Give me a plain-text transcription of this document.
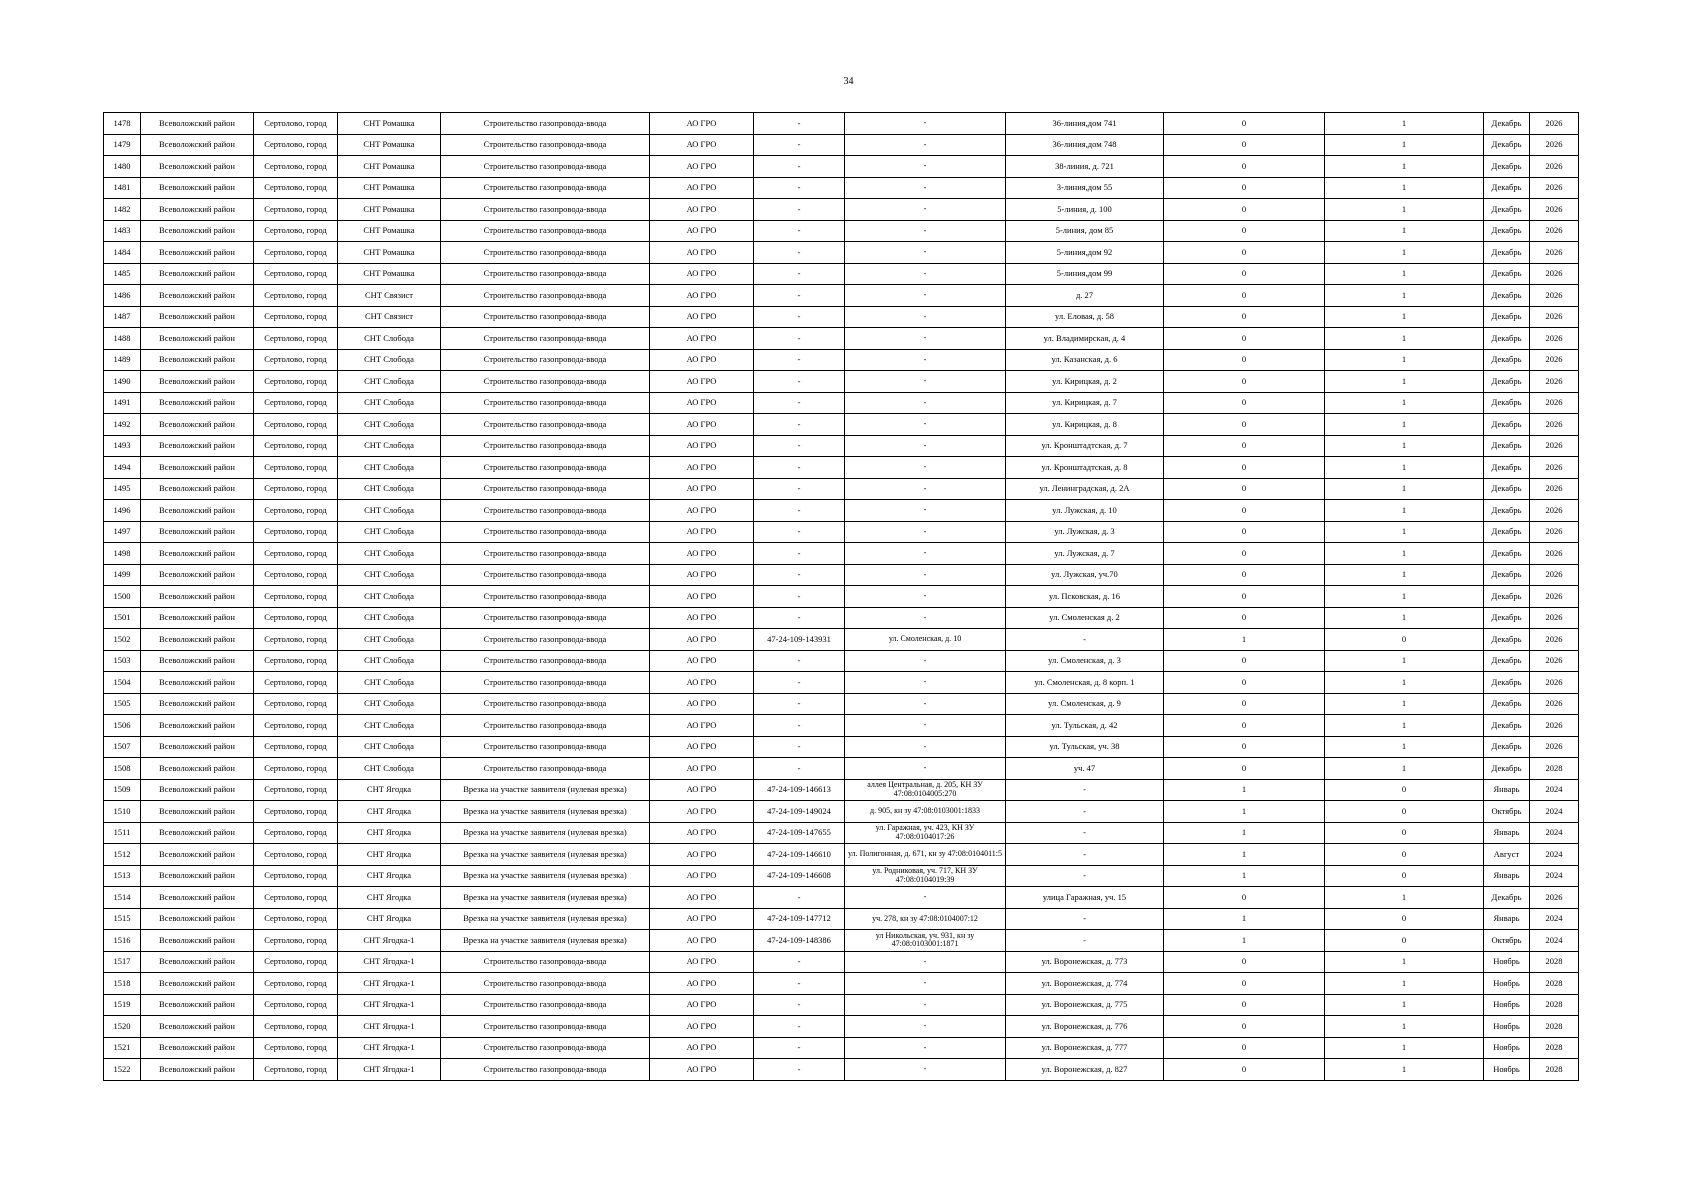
34
1478	Всеволожский район	Сертолово, город	СНТ Ромашка	Строительство газопровода-ввода	АО ГРО	-	-	36-линия,дом 741	0	1	Декабрь	2026
1479	Всеволожский район	Сертолово, город	СНТ Ромашка	Строительство газопровода-ввода	АО ГРО	-	-	36-линия,дом 748	0	1	Декабрь	2026
1480	Всеволожский район	Сертолово, город	СНТ Ромашка	Строительство газопровода-ввода	АО ГРО	-	-	38-линия, д. 721	0	1	Декабрь	2026
1481	Всеволожский район	Сертолово, город	СНТ Ромашка	Строительство газопровода-ввода	АО ГРО	-	-	3-линия,дом 55	0	1	Декабрь	2026
1482	Всеволожский район	Сертолово, город	СНТ Ромашка	Строительство газопровода-ввода	АО ГРО	-	-	5-линия, д. 100	0	1	Декабрь	2026
1483	Всеволожский район	Сертолово, город	СНТ Ромашка	Строительство газопровода-ввода	АО ГРО	-	-	5-линия, дом 85	0	1	Декабрь	2026
1484	Всеволожский район	Сертолово, город	СНТ Ромашка	Строительство газопровода-ввода	АО ГРО	-	-	5-линия,дом 92	0	1	Декабрь	2026
1485	Всеволожский район	Сертолово, город	СНТ Ромашка	Строительство газопровода-ввода	АО ГРО	-	-	5-линия,дом 99	0	1	Декабрь	2026
1486	Всеволожский район	Сертолово, город	СНТ Связист	Строительство газопровода-ввода	АО ГРО	-	-	д. 27	0	1	Декабрь	2026
1487	Всеволожский район	Сертолово, город	СНТ Связист	Строительство газопровода-ввода	АО ГРО	-	-	ул. Еловая, д. 58	0	1	Декабрь	2026
1488	Всеволожский район	Сертолово, город	СНТ Слобода	Строительство газопровода-ввода	АО ГРО	-	-	ул. Владимирская, д. 4	0	1	Декабрь	2026
1489	Всеволожский район	Сертолово, город	СНТ Слобода	Строительство газопровода-ввода	АО ГРО	-	-	ул. Казанская, д. 6	0	1	Декабрь	2026
1490	Всеволожский район	Сертолово, город	СНТ Слобода	Строительство газопровода-ввода	АО ГРО	-	-	ул. Кирицкая, д. 2	0	1	Декабрь	2026
1491	Всеволожский район	Сертолово, город	СНТ Слобода	Строительство газопровода-ввода	АО ГРО	-	-	ул. Кирицкая, д. 7	0	1	Декабрь	2026
1492	Всеволожский район	Сертолово, город	СНТ Слобода	Строительство газопровода-ввода	АО ГРО	-	-	ул. Кирицкая, д. 8	0	1	Декабрь	2026
1493	Всеволожский район	Сертолово, город	СНТ Слобода	Строительство газопровода-ввода	АО ГРО	-	-	ул. Кронштадтская, д. 7	0	1	Декабрь	2026
1494	Всеволожский район	Сертолово, город	СНТ Слобода	Строительство газопровода-ввода	АО ГРО	-	-	ул. Кронштадтская, д. 8	0	1	Декабрь	2026
1495	Всеволожский район	Сертолово, город	СНТ Слобода	Строительство газопровода-ввода	АО ГРО	-	-	ул. Ленинградская, д. 2А	0	1	Декабрь	2026
1496	Всеволожский район	Сертолово, город	СНТ Слобода	Строительство газопровода-ввода	АО ГРО	-	-	ул. Лужская, д. 10	0	1	Декабрь	2026
1497	Всеволожский район	Сертолово, город	СНТ Слобода	Строительство газопровода-ввода	АО ГРО	-	-	ул. Лужская, д. 3	0	1	Декабрь	2026
1498	Всеволожский район	Сертолово, город	СНТ Слобода	Строительство газопровода-ввода	АО ГРО	-	-	ул. Лужская, д. 7	0	1	Декабрь	2026
1499	Всеволожский район	Сертолово, город	СНТ Слобода	Строительство газопровода-ввода	АО ГРО	-	-	ул. Лужская, уч.70	0	1	Декабрь	2026
1500	Всеволожский район	Сертолово, город	СНТ Слобода	Строительство газопровода-ввода	АО ГРО	-	-	ул. Псковская, д. 16	0	1	Декабрь	2026
1501	Всеволожский район	Сертолово, город	СНТ Слобода	Строительство газопровода-ввода	АО ГРО	-	-	ул. Смоленская д. 2	0	1	Декабрь	2026
1502	Всеволожский район	Сертолово, город	СНТ Слобода	Строительство газопровода-ввода	АО ГРО	47-24-109-143931	ул. Смоленская, д. 10	-	1	0	Декабрь	2026
1503	Всеволожский район	Сертолово, город	СНТ Слобода	Строительство газопровода-ввода	АО ГРО	-	-	ул. Смоленская, д. 3	0	1	Декабрь	2026
1504	Всеволожский район	Сертолово, город	СНТ Слобода	Строительство газопровода-ввода	АО ГРО	-	-	ул. Смоленская, д. 8 корп. 1	0	1	Декабрь	2026
1505	Всеволожский район	Сертолово, город	СНТ Слобода	Строительство газопровода-ввода	АО ГРО	-	-	ул. Смоленская, д. 9	0	1	Декабрь	2026
1506	Всеволожский район	Сертолово, город	СНТ Слобода	Строительство газопровода-ввода	АО ГРО	-	-	ул. Тульская, д. 42	0	1	Декабрь	2026
1507	Всеволожский район	Сертолово, город	СНТ Слобода	Строительство газопровода-ввода	АО ГРО	-	-	ул. Тульская, уч. 38	0	1	Декабрь	2026
1508	Всеволожский район	Сертолово, город	СНТ Слобода	Строительство газопровода-ввода	АО ГРО	-	-	уч. 47	0	1	Декабрь	2028
1509	Всеволожский район	Сертолово, город	СНТ Ягодка	Врезка на участке заявителя (нулевая врезка)	АО ГРО	47-24-109-146613	аллея Центральная, д. 205, КН ЗУ 47:08:0104005:270	-	1	0	Январь	2024
1510	Всеволожский район	Сертолово, город	СНТ Ягодка	Врезка на участке заявителя (нулевая врезка)	АО ГРО	47-24-109-149024	д. 905, кн зу 47:08:0103001:1833	-	1	0	Октябрь	2024
1511	Всеволожский район	Сертолово, город	СНТ Ягодка	Врезка на участке заявителя (нулевая врезка)	АО ГРО	47-24-109-147655	ул. Гаражная, уч. 423, КН ЗУ 47:08:0104017:26	-	1	0	Январь	2024
1512	Всеволожский район	Сертолово, город	СНТ Ягодка	Врезка на участке заявителя (нулевая врезка)	АО ГРО	47-24-109-146610	ул. Полигонная, д. 671, кн зу 47:08:0104011:5	-	1	0	Август	2024
1513	Всеволожский район	Сертолово, город	СНТ Ягодка	Врезка на участке заявителя (нулевая врезка)	АО ГРО	47-24-109-146608	ул. Родниковая, уч. 717, КН ЗУ 47:08:0104019:39	-	1	0	Январь	2024
1514	Всеволожский район	Сертолово, город	СНТ Ягодка	Врезка на участке заявителя (нулевая врезка)	АО ГРО	-	-	улица Гаражная, уч. 15	0	1	Декабрь	2026
1515	Всеволожский район	Сертолово, город	СНТ Ягодка	Врезка на участке заявителя (нулевая врезка)	АО ГРО	47-24-109-147712	уч. 278, кн зу 47:08:0104007:12	-	1	0	Январь	2024
1516	Всеволожский район	Сертолово, город	СНТ Ягодка-1	Врезка на участке заявителя (нулевая врезка)	АО ГРО	47-24-109-148386	ул Никольская, уч. 931, кн зу 47:08:0103001:1871	-	1	0	Октябрь	2024
1517	Всеволожский район	Сертолово, город	СНТ Ягодка-1	Строительство газопровода-ввода	АО ГРО	-	-	ул. Воронежская, д. 773	0	1	Ноябрь	2028
1518	Всеволожский район	Сертолово, город	СНТ Ягодка-1	Строительство газопровода-ввода	АО ГРО	-	-	ул. Воронежская, д. 774	0	1	Ноябрь	2028
1519	Всеволожский район	Сертолово, город	СНТ Ягодка-1	Строительство газопровода-ввода	АО ГРО	-	-	ул. Воронежская, д. 775	0	1	Ноябрь	2028
1520	Всеволожский район	Сертолово, город	СНТ Ягодка-1	Строительство газопровода-ввода	АО ГРО	-	-	ул. Воронежская, д. 776	0	1	Ноябрь	2028
1521	Всеволожский район	Сертолово, город	СНТ Ягодка-1	Строительство газопровода-ввода	АО ГРО	-	-	ул. Воронежская, д. 777	0	1	Ноябрь	2028
1522	Всеволожский район	Сертолово, город	СНТ Ягодка-1	Строительство газопровода-ввода	АО ГРО	-	-	ул. Воронежская, д. 827	0	1	Ноябрь	2028
